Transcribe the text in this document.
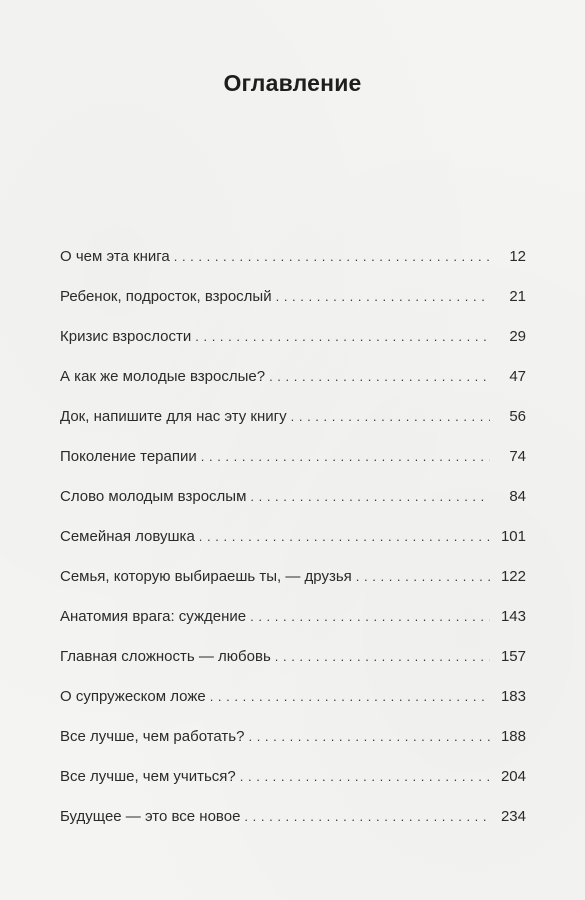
Оглавление
О чем эта книга . . .	12
Ребенок, подросток, взрослый . . .	21
Кризис взрослости . . .	29
А как же молодые взрослые? . . .	47
Док, напишите для нас эту книгу . . .	56
Поколение терапии . . .	74
Слово молодым взрослым . . .	84
Семейная ловушка . . .	101
Семья, которую выбираешь ты, — друзья . . .	122
Анатомия врага: суждение . . .	143
Главная сложность — любовь . . .	157
О супружеском ложе . . .	183
Все лучше, чем работать? . . .	188
Все лучше, чем учиться? . . .	204
Будущее — это все новое . . .	234
